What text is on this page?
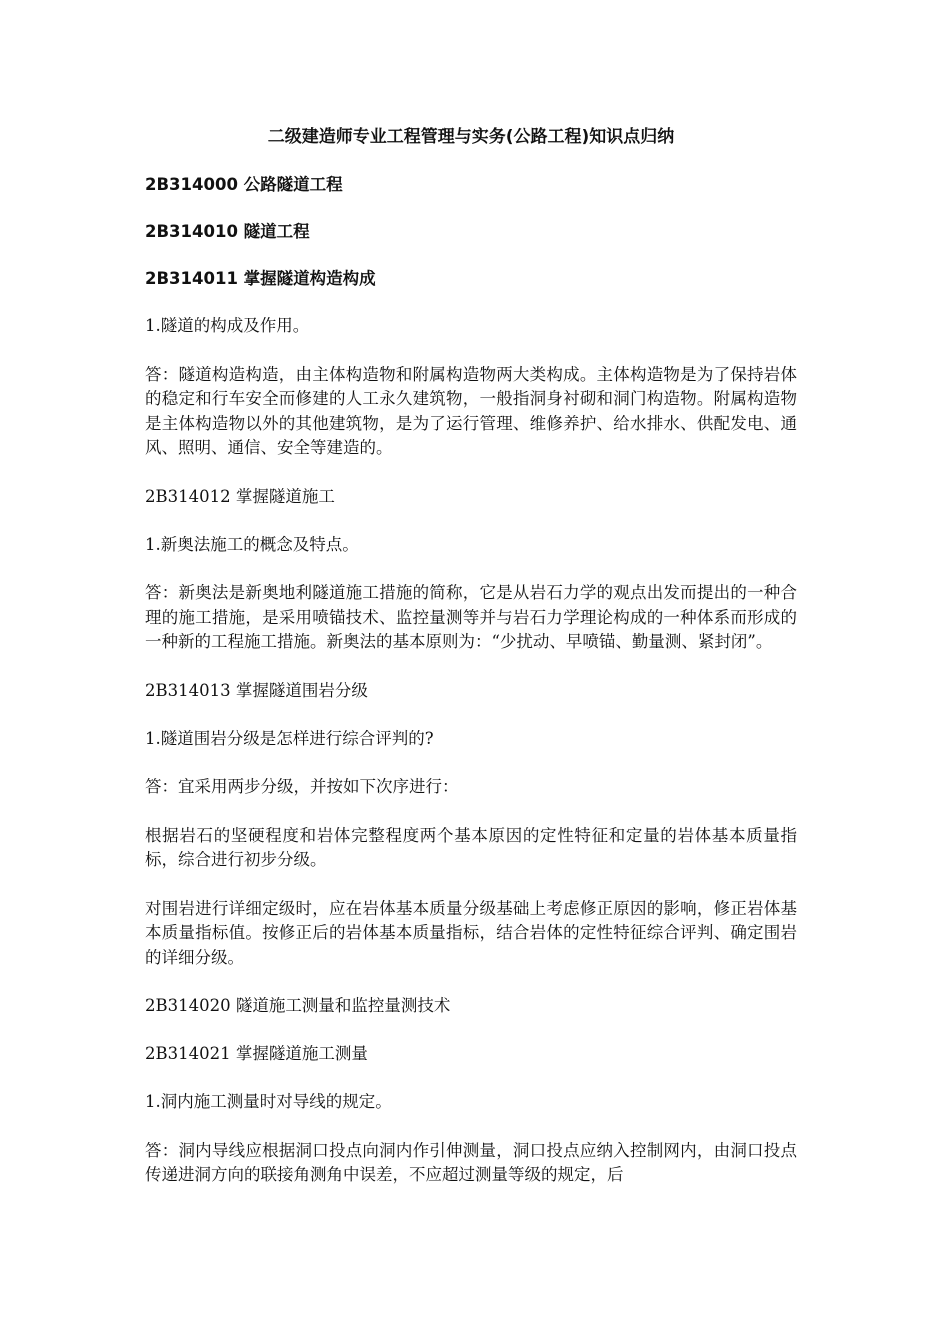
二级建造师专业工程管理与实务(公路工程)知识点归纳
2B314000 公路隧道工程
2B314010 隧道工程
2B314011 掌握隧道构造构成
1.隧道的构成及作用。
答：隧道构造构造，由主体构造物和附属构造物两大类构成。主体构造物是为了保持岩体的稳定和行车安全而修建的人工永久建筑物，一般指洞身衬砌和洞门构造物。附属构造物是主体构造物以外的其他建筑物，是为了运行管理、维修养护、给水排水、供配发电、通风、照明、通信、安全等建造的。
2B314012 掌握隧道施工
1.新奥法施工的概念及特点。
答：新奥法是新奥地利隧道施工措施的简称，它是从岩石力学的观点出发而提出的一种合理的施工措施，是采用喷锚技术、监控量测等并与岩石力学理论构成的一种体系而形成的一种新的工程施工措施。新奥法的基本原则为：“少扰动、早喷锚、勤量测、紧封闭”。
2B314013 掌握隧道围岩分级
1.隧道围岩分级是怎样进行综合评判的?
答：宜采用两步分级，并按如下次序进行：
根据岩石的坚硬程度和岩体完整程度两个基本原因的定性特征和定量的岩体基本质量指标，综合进行初步分级。
对围岩进行详细定级时，应在岩体基本质量分级基础上考虑修正原因的影响，修正岩体基本质量指标值。按修正后的岩体基本质量指标，结合岩体的定性特征综合评判、确定围岩的详细分级。
2B314020 隧道施工测量和监控量测技术
2B314021 掌握隧道施工测量
1.洞内施工测量时对导线的规定。
答：洞内导线应根据洞口投点向洞内作引伸测量，洞口投点应纳入控制网内，由洞口投点传递进洞方向的联接角测角中误差，不应超过测量等级的规定，后
